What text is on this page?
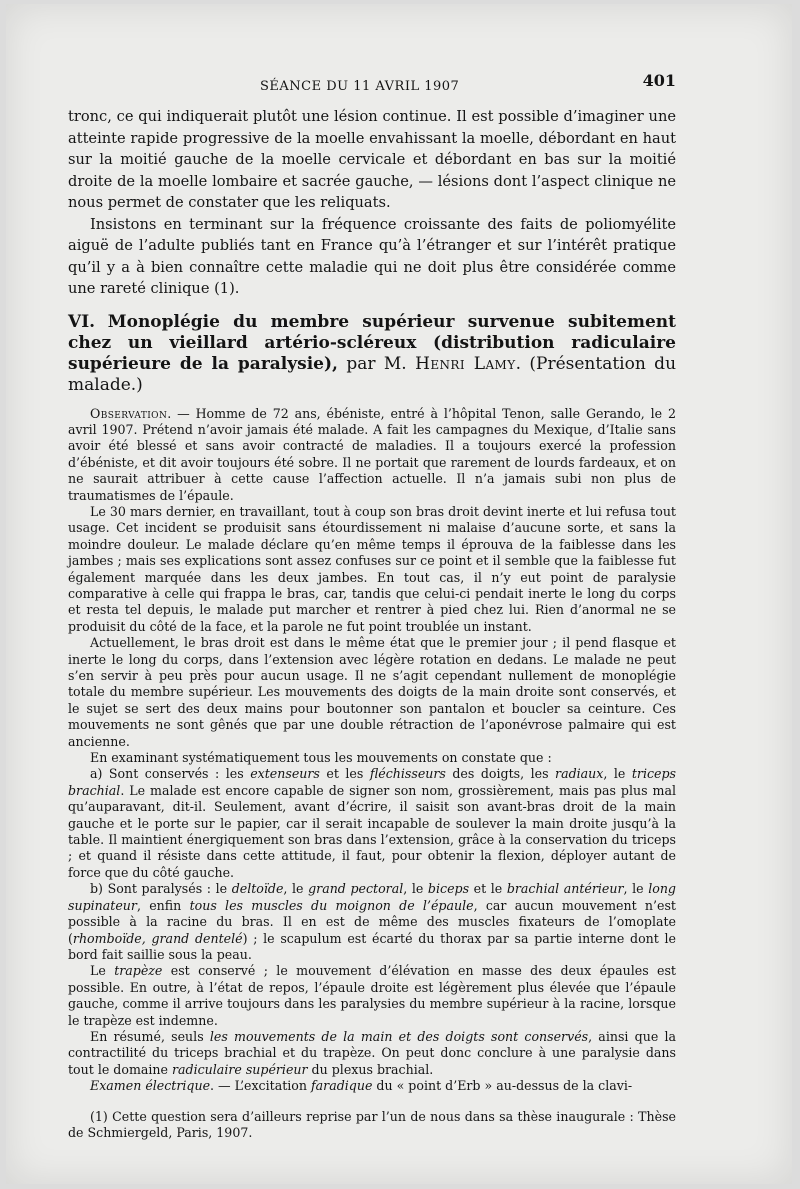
SÉANCE DU 11 AVRIL 1907	401

tronc, ce qui indiquerait plutôt une lésion continue. Il est possible d’imaginer une atteinte rapide progressive de la moelle envahissant la moelle, débordant en haut sur la moitié gauche de la moelle cervicale et débordant en bas sur la moitié droite de la moelle lombaire et sacrée gauche, — lésions dont l’aspect clinique ne nous permet de constater que les reliquats.

Insistons en terminant sur la fréquence croissante des faits de poliomyélite aiguë de l’adulte publiés tant en France qu’à l’étranger et sur l’intérêt pratique qu’il y a à bien connaître cette maladie qui ne doit plus être considérée comme une rareté clinique (1).

VI. Monoplégie du membre supérieur survenue subitement chez un vieillard artério-scléreux (distribution radiculaire supérieure de la paralysie), par M. Henri Lamy. (Présentation du malade.)

Observation. — Homme de 72 ans, ébéniste, entré à l’hôpital Tenon, salle Gerando, le 2 avril 1907. Prétend n’avoir jamais été malade. A fait les campagnes du Mexique, d’Italie sans avoir été blessé et sans avoir contracté de maladies. Il a toujours exercé la profession d’ébéniste, et dit avoir toujours été sobre. Il ne portait que rarement de lourds fardeaux, et on ne saurait attribuer à cette cause l’affection actuelle. Il n’a jamais subi non plus de traumatismes de l’épaule.

Le 30 mars dernier, en travaillant, tout à coup son bras droit devint inerte et lui refusa tout usage. Cet incident se produisit sans étourdissement ni malaise d’aucune sorte, et sans la moindre douleur. Le malade déclare qu’en même temps il éprouva de la faiblesse dans les jambes ; mais ses explications sont assez confuses sur ce point et il semble que la faiblesse fut également marquée dans les deux jambes. En tout cas, il n’y eut point de paralysie comparative à celle qui frappa le bras, car, tandis que celui-ci pendait inerte le long du corps et resta tel depuis, le malade put marcher et rentrer à pied chez lui. Rien d’anormal ne se produisit du côté de la face, et la parole ne fut point troublée un instant.

Actuellement, le bras droit est dans le même état que le premier jour ; il pend flasque et inerte le long du corps, dans l’extension avec légère rotation en dedans. Le malade ne peut s’en servir à peu près pour aucun usage. Il ne s’agit cependant nullement de monoplégie totale du membre supérieur. Les mouvements des doigts de la main droite sont conservés, et le sujet se sert des deux mains pour boutonner son pantalon et boucler sa ceinture. Ces mouvements ne sont gênés que par une double rétraction de l’aponévrose palmaire qui est ancienne.

En examinant systématiquement tous les mouvements on constate que :

a) Sont conservés : les extenseurs et les fléchisseurs des doigts, les radiaux, le triceps brachial. Le malade est encore capable de signer son nom, grossièrement, mais pas plus mal qu’auparavant, dit-il. Seulement, avant d’écrire, il saisit son avant-bras droit de la main gauche et le porte sur le papier, car il serait incapable de soulever la main droite jusqu’à la table. Il maintient énergiquement son bras dans l’extension, grâce à la conservation du triceps ; et quand il résiste dans cette attitude, il faut, pour obtenir la flexion, déployer autant de force que du côté gauche.

b) Sont paralysés : le deltoïde, le grand pectoral, le biceps et le brachial antérieur, le long supinateur, enfin tous les muscles du moignon de l’épaule, car aucun mouvement n’est possible à la racine du bras. Il en est de même des muscles fixateurs de l’omoplate (rhomboïde, grand dentelé) ; le scapulum est écarté du thorax par sa partie interne dont le bord fait saillie sous la peau.

Le trapèze est conservé ; le mouvement d’élévation en masse des deux épaules est possible. En outre, à l’état de repos, l’épaule droite est légèrement plus élevée que l’épaule gauche, comme il arrive toujours dans les paralysies du membre supérieur à la racine, lorsque le trapèze est indemne.

En résumé, seuls les mouvements de la main et des doigts sont conservés, ainsi que la contractilité du triceps brachial et du trapèze. On peut donc conclure à une paralysie dans tout le domaine radiculaire supérieur du plexus brachial.

Examen électrique. — L’excitation faradique du « point d’Erb » au-dessus de la clavi-

(1) Cette question sera d’ailleurs reprise par l’un de nous dans sa thèse inaugurale : Thèse de Schmiergeld, Paris, 1907.
